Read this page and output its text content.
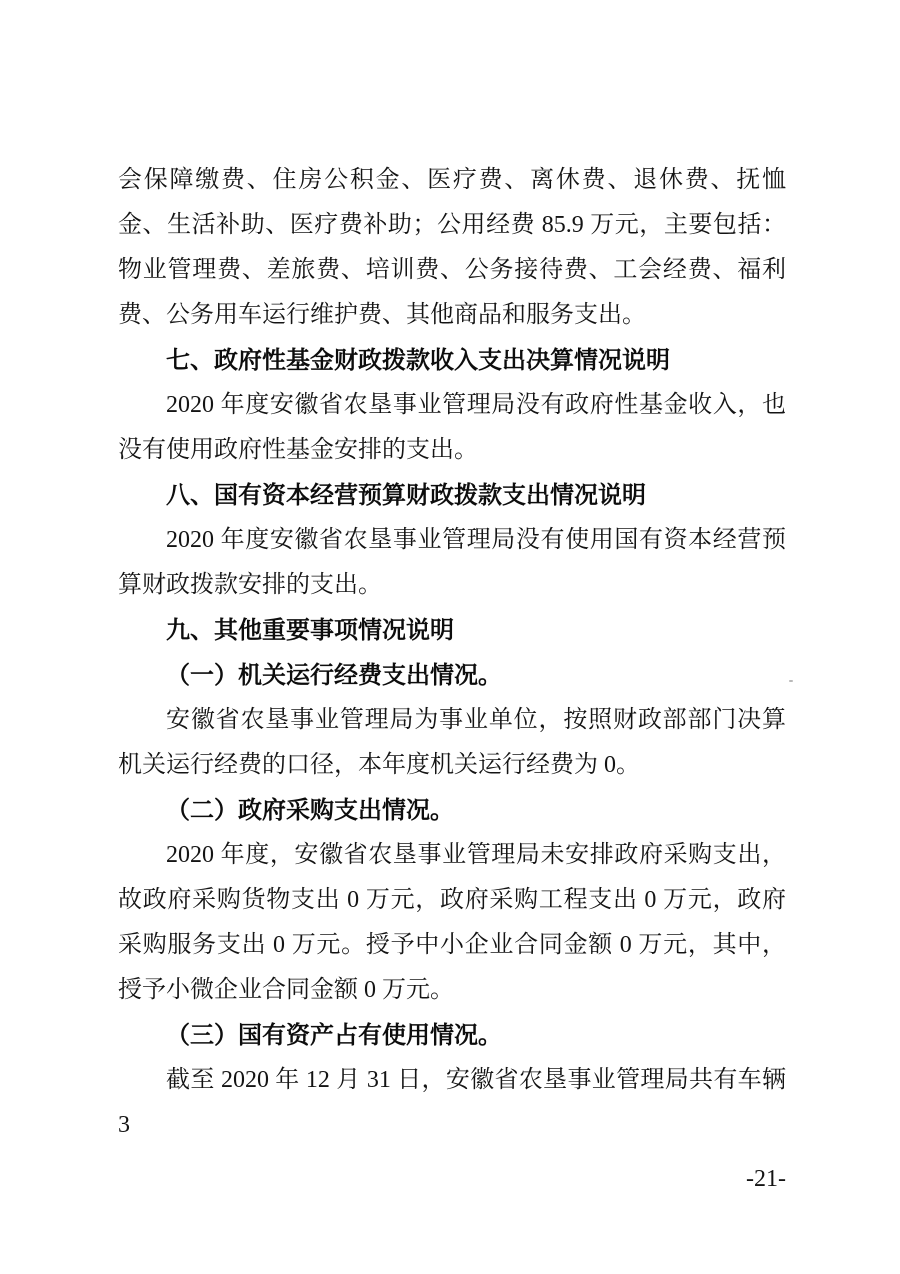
会保障缴费、住房公积金、医疗费、离休费、退休费、抚恤金、生活补助、医疗费补助；公用经费 85.9 万元，主要包括：物业管理费、差旅费、培训费、公务接待费、工会经费、福利费、公务用车运行维护费、其他商品和服务支出。

七、政府性基金财政拨款收入支出决算情况说明

2020 年度安徽省农垦事业管理局没有政府性基金收入，也没有使用政府性基金安排的支出。

八、国有资本经营预算财政拨款支出情况说明

2020 年度安徽省农垦事业管理局没有使用国有资本经营预算财政拨款安排的支出。

九、其他重要事项情况说明
（一）机关运行经费支出情况。

安徽省农垦事业管理局为事业单位，按照财政部部门决算机关运行经费的口径，本年度机关运行经费为 0。

（二）政府采购支出情况。

2020 年度，安徽省农垦事业管理局未安排政府采购支出，故政府采购货物支出 0 万元，政府采购工程支出 0 万元，政府采购服务支出 0 万元。授予中小企业合同金额 0 万元，其中，授予小微企业合同金额 0 万元。

（三）国有资产占有使用情况。

截至 2020 年 12 月 31 日，安徽省农垦事业管理局共有车辆 3

-21-
